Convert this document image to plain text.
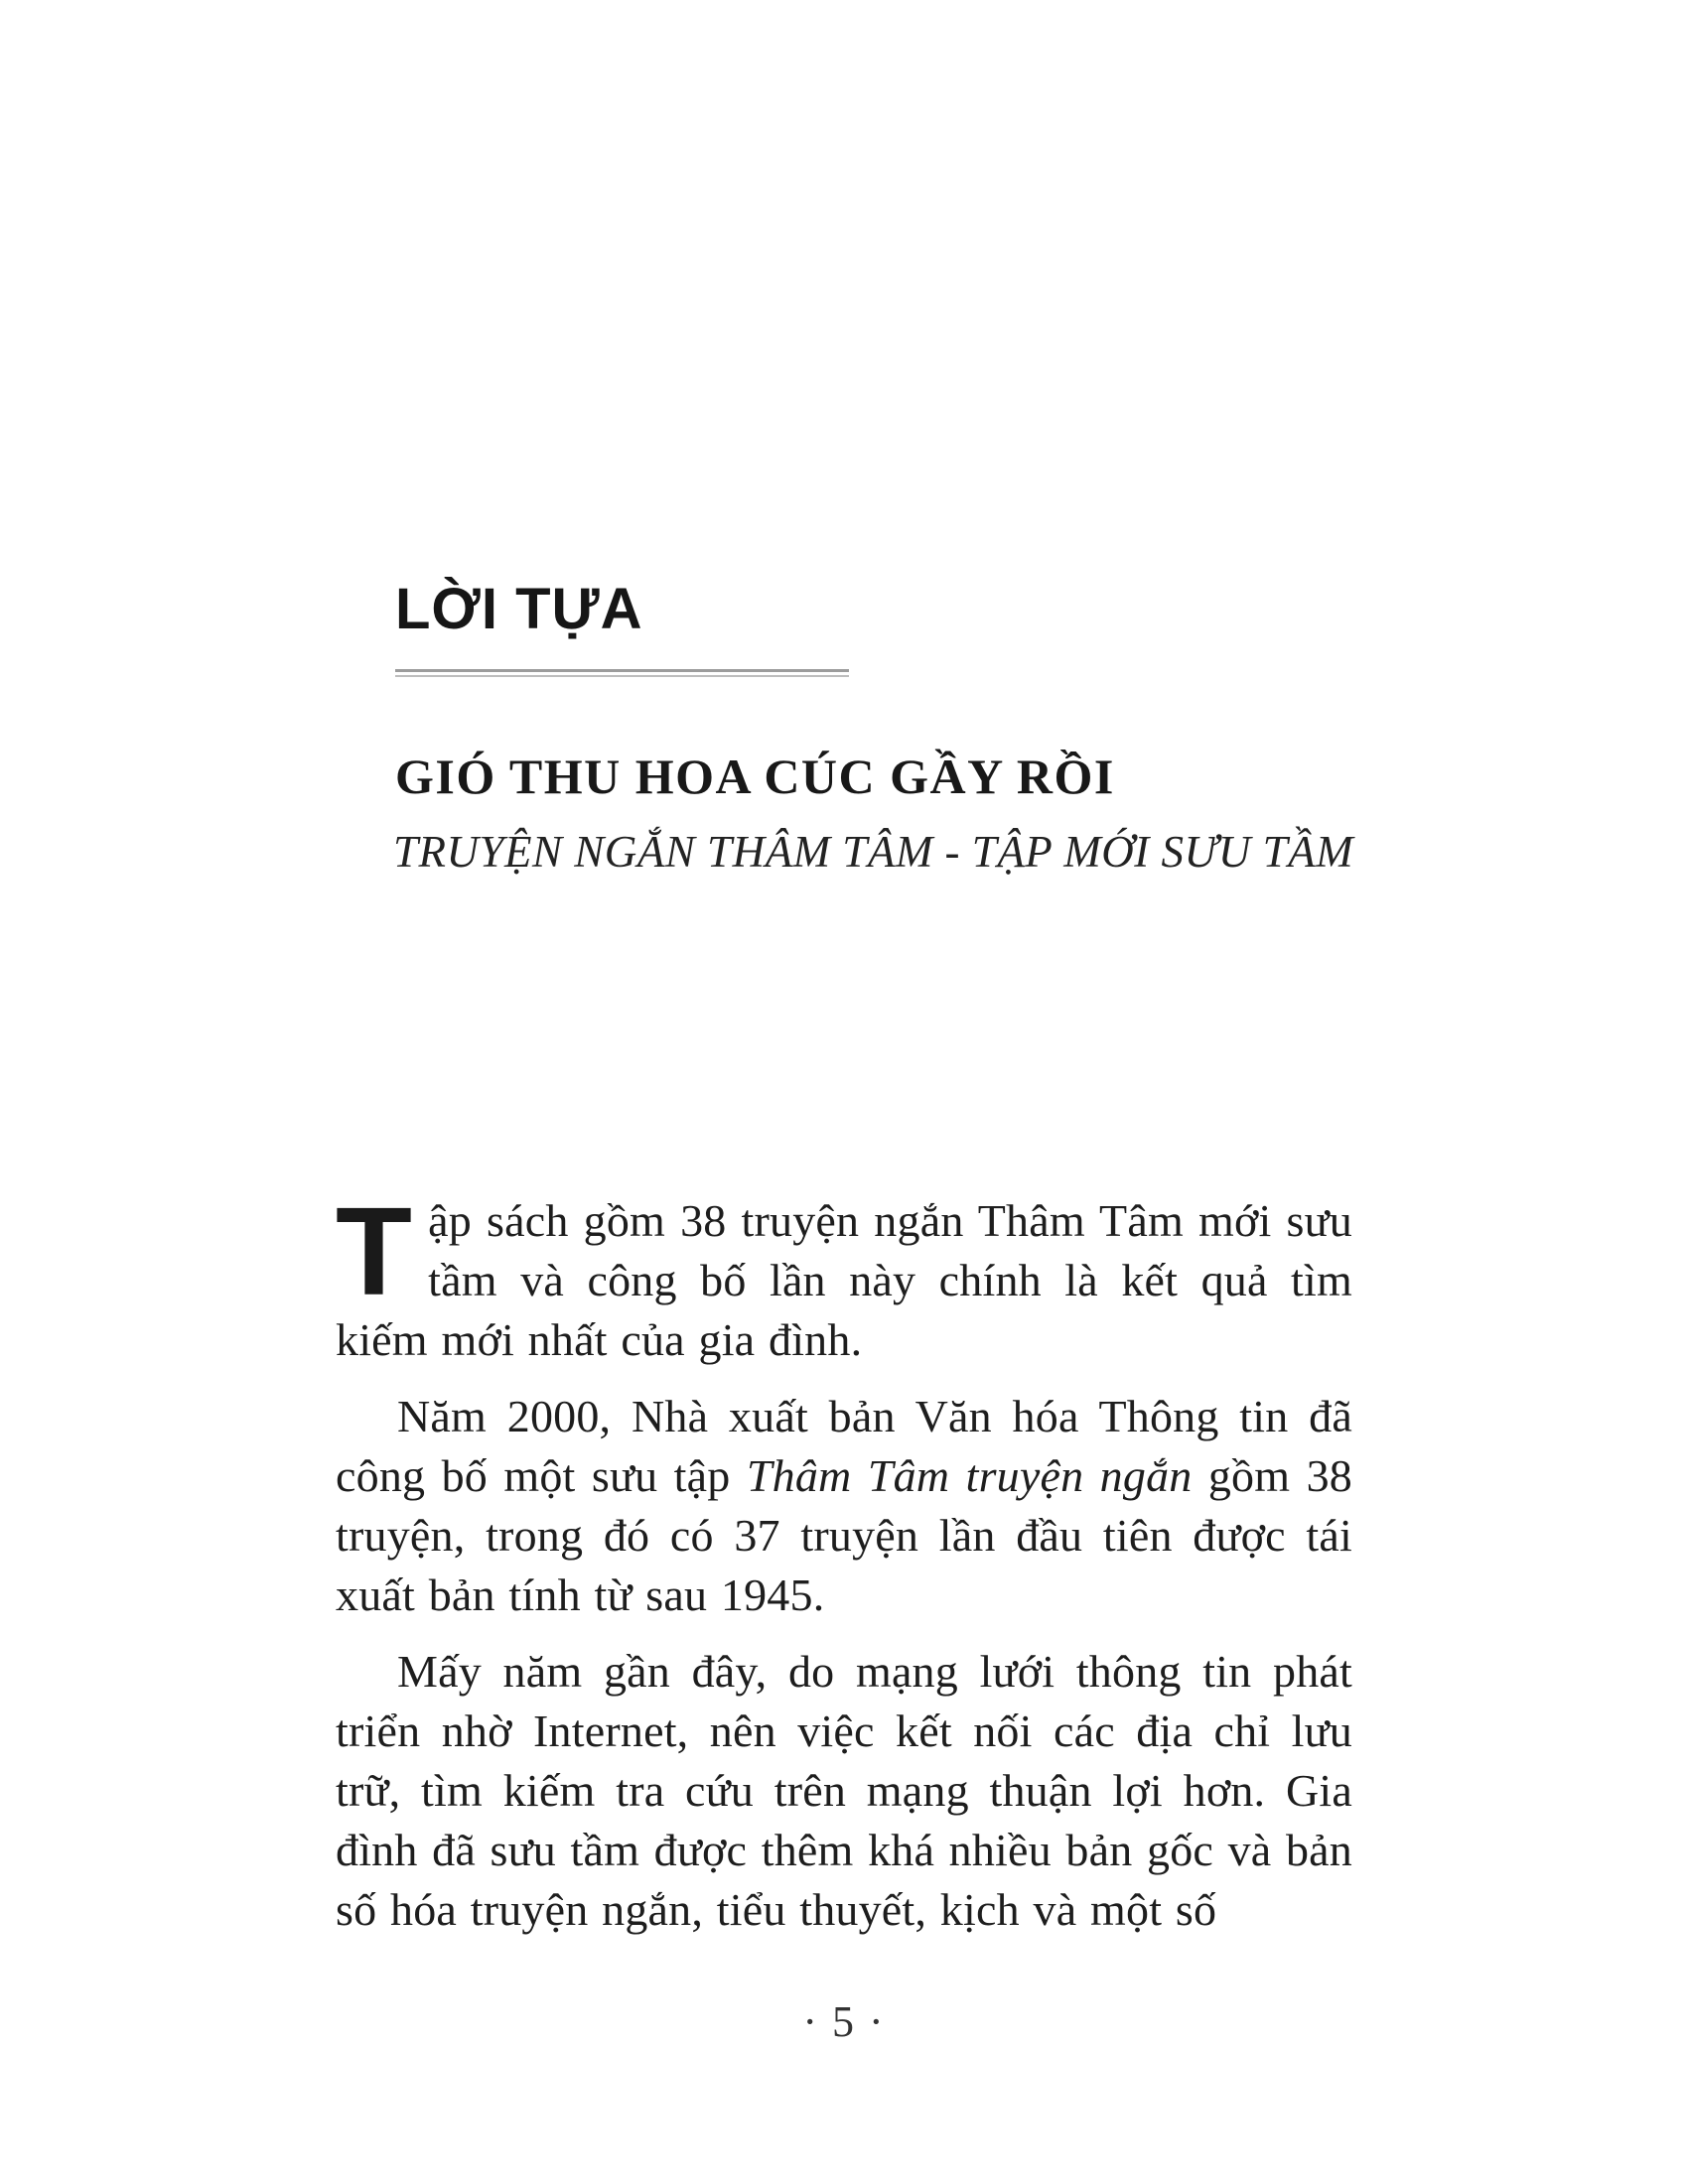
LỜI TỰA
GIÓ THU HOA CÚC GẦY RỒI
TRUYỆN NGẮN THÂM TÂM - TẬP MỚI SƯU TẦM

Tập sách gồm 38 truyện ngắn Thâm Tâm mới sưu tầm và công bố lần này chính là kết quả tìm kiếm mới nhất của gia đình.

Năm 2000, Nhà xuất bản Văn hóa Thông tin đã công bố một sưu tập Thâm Tâm truyện ngắn gồm 38 truyện, trong đó có 37 truyện lần đầu tiên được tái xuất bản tính từ sau 1945.

Mấy năm gần đây, do mạng lưới thông tin phát triển nhờ Internet, nên việc kết nối các địa chỉ lưu trữ, tìm kiếm tra cứu trên mạng thuận lợi hơn. Gia đình đã sưu tầm được thêm khá nhiều bản gốc và bản số hóa truyện ngắn, tiểu thuyết, kịch và một số

· 5 ·
